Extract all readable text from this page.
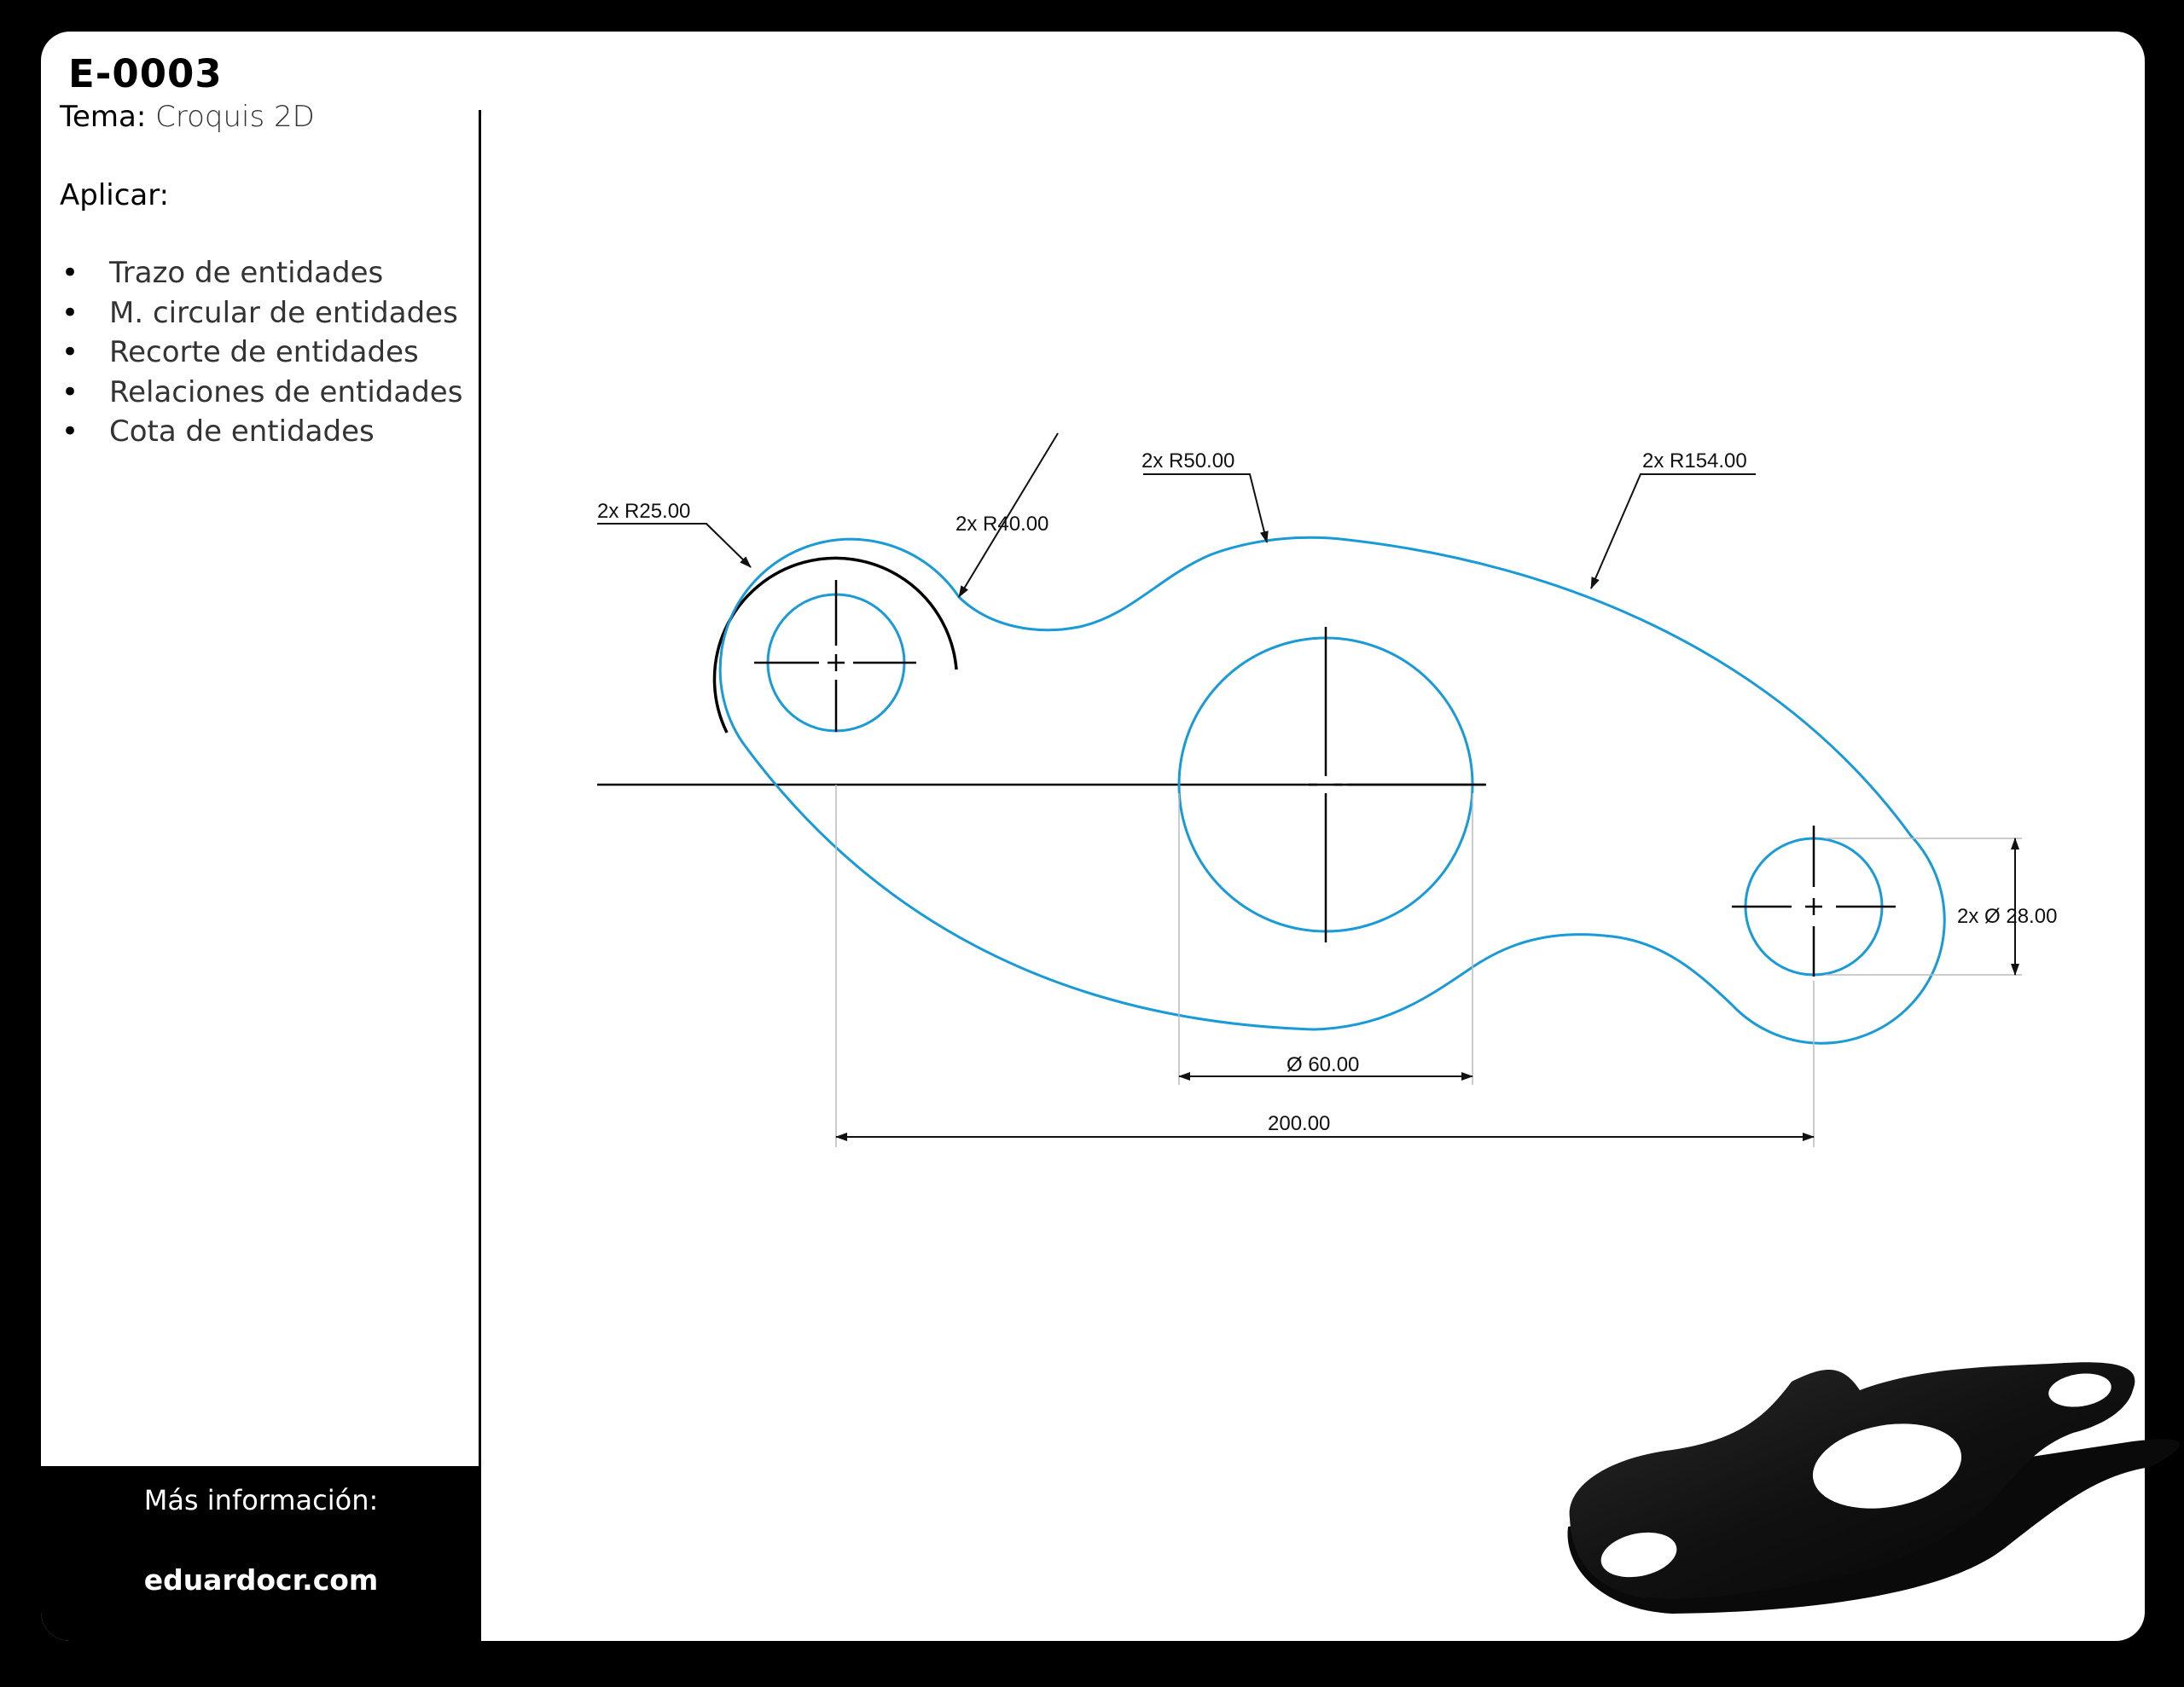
E-0003
Tema: Croquis 2D
Aplicar:
• Trazo de entidades
• M. circular de entidades
• Recorte de entidades
• Relaciones de entidades
• Cota de entidades
Más información:
eduardocr.com
2x R25.00
2x R40.00
2x R50.00	2x R154.00
2x Ø 28.00
Ø 60.00
200.00
